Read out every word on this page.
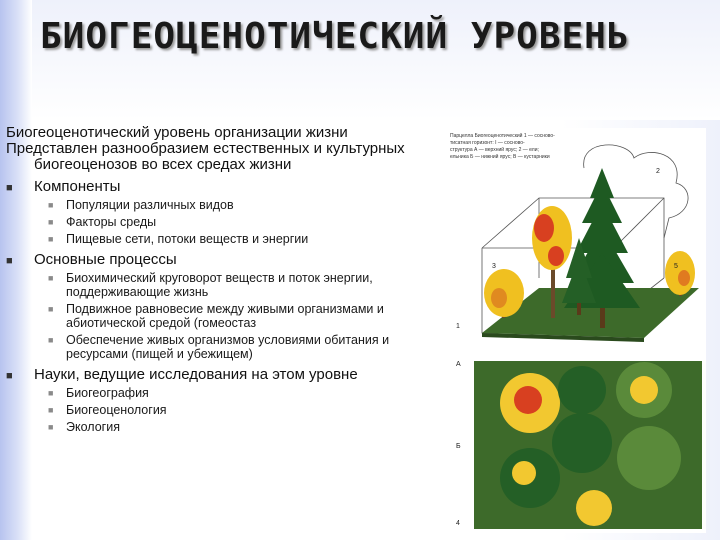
БИОГЕОЦЕНОТИЧЕСКИЙ УРОВЕНЬ
Биогеоценотический уровень организации жизни
Представлен разнообразием естественных и культурных биогеоценозов во всех средах жизни
■ Компоненты
■ Популяции различных видов
■ Факторы среды
■ Пищевые сети, потоки веществ и энергии
■ Основные процессы
■ Биохимический круговорот веществ и поток энергии, поддерживающие жизнь
■ Подвижное равновесие между живыми организмами и абиотической средой (гомеостаз
■ Обеспечение живых организмов условиями обитания и ресурсами (пищей и убежищем)
■ Науки, ведущие исследования на этом уровне
■ Биогеография
■ Биогеоценология
■ Экология
Парцелла Биогеоценотический 1 — сосново-
тисатная горизонт: I — сосново-
структура А — верхний ярус; 2 — ели;
ельника Б — нижний ярус; В — кустарники
1
2
3
А
Б
4
5
